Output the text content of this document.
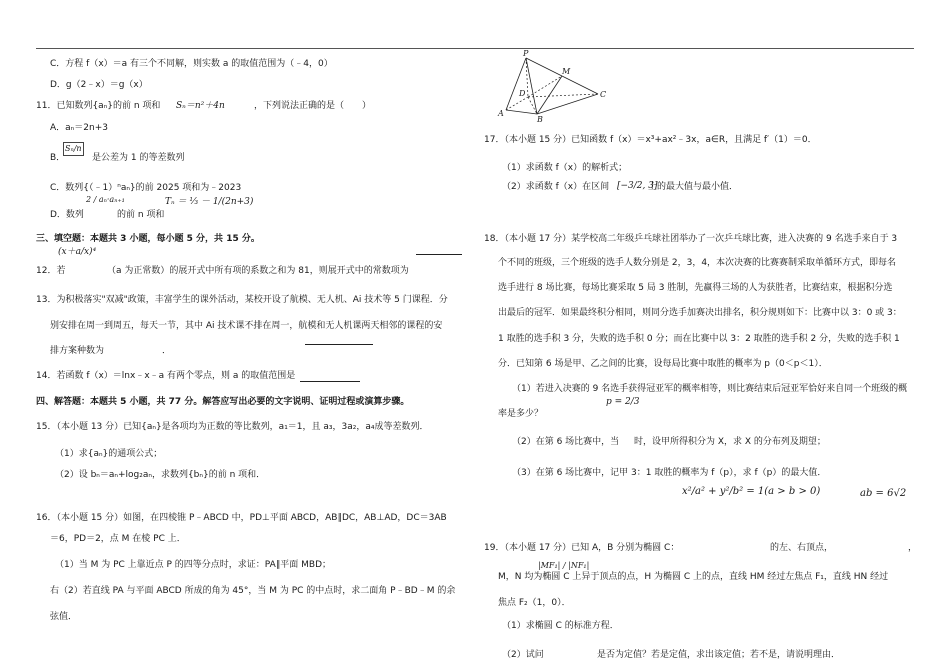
C．方程 f（x）＝a 有三个不同解，则实数 a 的取值范围为（﹣4，0）
D．g（2﹣x）＝g（x）
11．已知数列{aₙ}的前 n 项和 Sₙ＝n²＋4n	，下列说法正确的是（　　）
A．aₙ＝2n+3
B．
Sₙ/n
是公差为 1 的等差数列
C．数列{（﹣1）ⁿaₙ}的前 2025 项和为﹣2023
2 / aₙ·aₙ₊₁	Tₙ ＝ ⅓ － 1/(2n+3)
D．数列	的前 n 项和
三、填空题：本题共 3 小题，每小题 5 分，共 15 分。
(x＋a/x)⁴
12．若	（a 为正常数）的展开式中所有项的系数之和为 81，则展开式中的常数项为
13．为积极落实"双减"政策，丰富学生的课外活动，某校开设了航模、无人机、Ai 技术等 5 门课程．分
别安排在周一到周五，每天一节，其中 Ai 技术课不排在周一，航模和无人机课两天相邻的课程的安
排方案种数为	．
14．若函数 f（x）＝lnx﹣x﹣a 有两个零点，则 a 的取值范围是
四、解答题：本题共 5 小题，共 77 分。解答应写出必要的文字说明、证明过程或演算步骤。
15．（本小题 13 分）已知{aₙ}是各项均为正数的等比数列，a₁＝1，且 a₃，3a₂，a₄成等差数列．
（1）求{aₙ}的通项公式；
（2）设 bₙ＝aₙ+log₂aₙ，求数列{bₙ}的前 n 项和．
16．（本小题 15 分）如图，在四棱锥 P﹣ABCD 中，PD⊥平面 ABCD，AB∥DC，AB⊥AD，DC＝3AB
＝6，PD＝2，点 M 在棱 PC 上．
（1）当 M 为 PC 上靠近点 P 的四等分点时，求证：PA∥平面 MBD；
右（2）若直线 PA 与平面 ABCD 所成的角为 45°，当 M 为 PC 的中点时，求二面角 P﹣BD﹣M 的余
弦值．
P
M
D
A
B
C
17．（本小题 15 分）已知函数 f（x）＝x³+ax²﹣3x，a∈R，且满足 f′（1）＝0．
（1）求函数 f（x）的解析式；
（2）求函数 f（x）在区间 [−3/2, 3]
上的最大值与最小值．
18．（本小题 17 分）某学校高二年级乒乓球社团举办了一次乒乓球比赛，进入决赛的 9 名选手来自于 3
个不同的班级，三个班级的选手人数分别是 2，3，4，本次决赛的比赛赛制采取单循环方式，即每名
选手进行 8 场比赛，每场比赛采取 5 局 3 胜制，先赢得三场的人为获胜者，比赛结束，根据积分选
出最后的冠军．如果最终积分相同，则同分选手加赛决出排名，积分规则如下：比赛中以 3：0 或 3：
1 取胜的选手积 3 分，失败的选手积 0 分；而在比赛中以 3：2 取胜的选手积 2 分，失败的选手积 1
分．已知第 6 场是甲、乙之间的比赛，设每局比赛中取胜的概率为 p（0＜p＜1）．
（1）若进入决赛的 9 名选手获得冠亚军的概率相等，则比赛结束后冠亚军恰好来自同一个班级的概
p = 2/3
率是多少？
（2）在第 6 场比赛中，当 时，设甲所得积分为 X，求 X 的分布列及期望；
（3）在第 6 场比赛中，记甲 3：1 取胜的概率为 f（p），求 f（p）的最大值．
x²/a² + y²/b² = 1(a > b > 0)	ab = 6√2
19．（本小题 17 分）已知 A，B 分别为椭圆 C：	的左、右顶点，	，
|MF₁| / |NF₁|
M，N 均为椭圆 C 上异于顶点的点，H 为椭圆 C 上的点，直线 HM 经过左焦点 F₁，直线 HN 经过
焦点 F₂（1，0）．
（1）求椭圆 C 的标准方程．
（2）试问	是否为定值？若是定值，求出该定值；若不是，请说明理由．
